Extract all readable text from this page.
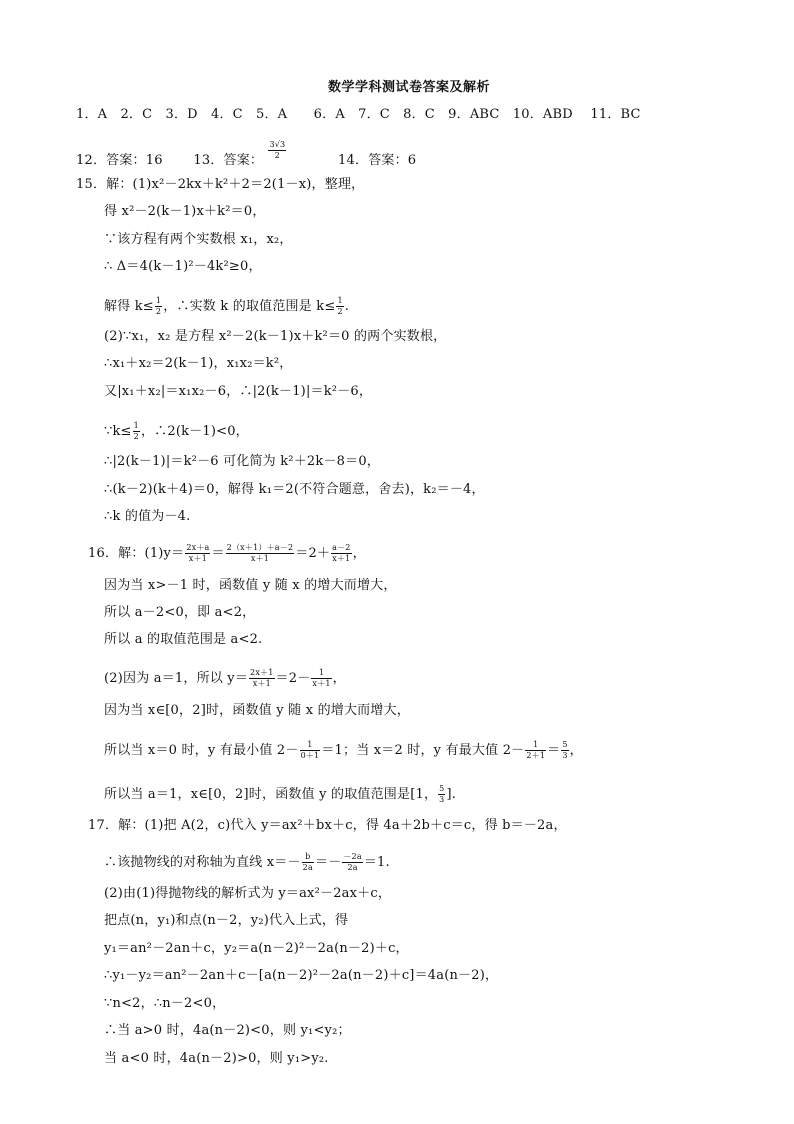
数学学科测试卷答案及解析
1．A　2．C　3．D　4．C　5．A　　6．A　7．C　8．C　9．ABC　10．ABD　 11．BC
12．答案：16 13．答案： $\frac{3√3}{2}$	14．答案：6
15．解：(1)x²－2kx＋k²＋2＝2(1－x)，整理，
得 x²－2(k－1)x＋k²＝0，
∵该方程有两个实数根 x₁，x₂，
∴ Δ＝4(k－1)²－4k²≥0，
解得 $k\le \frac{1}{2}$ ，∴实数 k 的取值范围是 $k\le \frac{1}{2}$ .
(2)∵x₁，x₂ 是方程 x²－2(k－1)x＋k²＝0 的两个实数根，
∴x₁＋x₂＝2(k－1)，x₁x₂＝k²，
又|x₁＋x₂|＝x₁x₂－6，∴|2(k－1)|＝k²－6，
∵k≤ $\frac{1}{2}$ ，∴2(k－1)<0，
∴|2(k－1)|＝k²－6 可化简为 k²＋2k－8＝0，
∴(k－2)(k＋4)＝0，解得 k₁＝2(不符合题意，舍去)，k₂＝－4，
∴k 的值为－4.
16．解：$(1)y= \frac{2x+a}{x+1} = \frac{2(x+1)+a-2}{x+1} =2+ \frac{a-2}{x+1}$ ，
因为当 x>－1 时，函数值 y 随 x 的增大而增大，
所以 a－2<0，即 a<2，
所以 a 的取值范围是 a<2.
(2)因为 a＝1，所以 $y= \frac{2x+1}{x+1} =2- \frac{1}{x+1}$ ，
因为当 x∈[0，2]时，函数值 y 随 x 的增大而增大，
所以当 x＝0 时，y 有最小值 $2- \frac{1}{0+1} =1$；当 x＝2 时，y 有最大值 $2- \frac{1}{2+1} = \frac{5}{3}$ ，
所以当 a＝1，x∈[0，2]时，函数值 y 的取值范围是[1， $\frac{5}{3}$ ].
17．解：(1)把 A(2，c)代入 y＝ax²＋bx＋c，得 4a＋2b＋c＝c，得 b＝－2a，
∴该抛物线的对称轴为直线 $x=- \frac{b}{2a} =- \frac{-2a}{2a} =1$.
(2)由(1)得抛物线的解析式为 y＝ax²－2ax＋c，
把点(n，y₁)和点(n－2，y₂)代入上式，得
y₁＝an²－2an＋c，y₂＝a(n－2)²－2a(n－2)＋c，
∴y₁－y₂＝an²－2an＋c－[a(n－2)²－2a(n－2)＋c]＝4a(n－2)，
∵n<2，∴n－2<0，
∴当 a>0 时，4a(n－2)<0，则 y₁<y₂；
当 a<0 时，4a(n－2)>0，则 y₁>y₂.
